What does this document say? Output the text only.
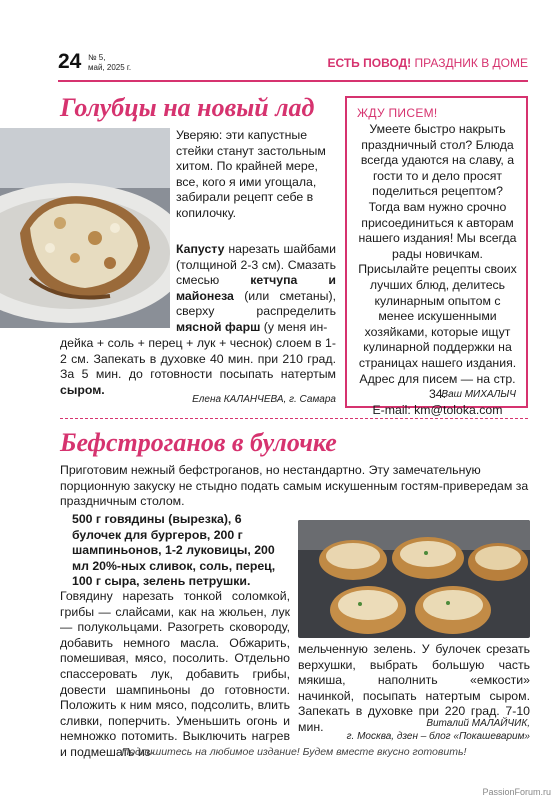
24 № 5,
май, 2025 г.	ЕСТЬ ПОВОД! ПРАЗДНИК В ДОМЕ
Голубцы на новый лад
Уверяю: эти капустные стейки станут застольным хитом. По крайней мере, все, кого я ими угощала, забирали рецепт себе в копилочку.
Капусту нарезать шайбами (толщиной 2-3 см). Смазать смесью кетчупа и майонеза (или сметаны), сверху распределить мясной фарш (у меня ин-
дейка + соль + перец + лук + чеснок) слоем в 1-2 см. Запекать в духовке 40 мин. при 210 град. За 5 мин. до готовности посыпать натертым сыром.
Елена КАЛАНЧЕВА, г. Самара
ЖДУ ПИСЕМ!
Умеете быстро накрыть праздничный стол? Блюда всегда удаются на славу, а гости то и дело просят поделиться рецептом? Тогда вам нужно срочно присоединиться к авторам нашего издания! Мы всегда рады новичкам. Присылайте рецепты своих лучших блюд, делитесь кулинарным опытом с менее искушенными хозяйками, которые ищут кулинарной поддержки на страницах нашего издания. Адрес для писем — на стр. 34.
E-mail: km@toloka.com
Ваш МИХАЛЫЧ
Бефстроганов в булочке
Приготовим нежный бефстроганов, но нестандартно. Эту замечательную порционную закуску не стыдно подать самым искушенным гостям-привередам за праздничным столом.
500 г говядины (вырезка), 6 булочек для бургеров, 200 г шампиньонов, 1-2 луковицы, 200 мл 20%-ных сливок, соль, перец, 100 г сыра, зелень петрушки.
Говядину нарезать тонкой соломкой, грибы — слайсами, как на жюльен, лук — полукольцами. Разогреть сковороду, добавить немного масла. Обжарить, помешивая, мясо, посолить. Отдельно спассеровать лук, добавить грибы, довести шампиньоны до готовности. Положить к ним мясо, подсолить, влить сливки, поперчить. Уменьшить огонь и немножко потомить. Выключить нагрев и подмешать из-
мельченную зелень. У булочек срезать верхушки, выбрать большую часть мякиша, наполнить «емкости» начинкой, посыпать натертым сыром. Запекать в духовке при 220 град. 7-10 мин.	Виталий МАЛАЙЧИК,
г. Москва, дзен – блог «Покашеварим»
Подпишитесь на любимое издание! Будем вместе вкусно готовить!
PassionForum.ru
